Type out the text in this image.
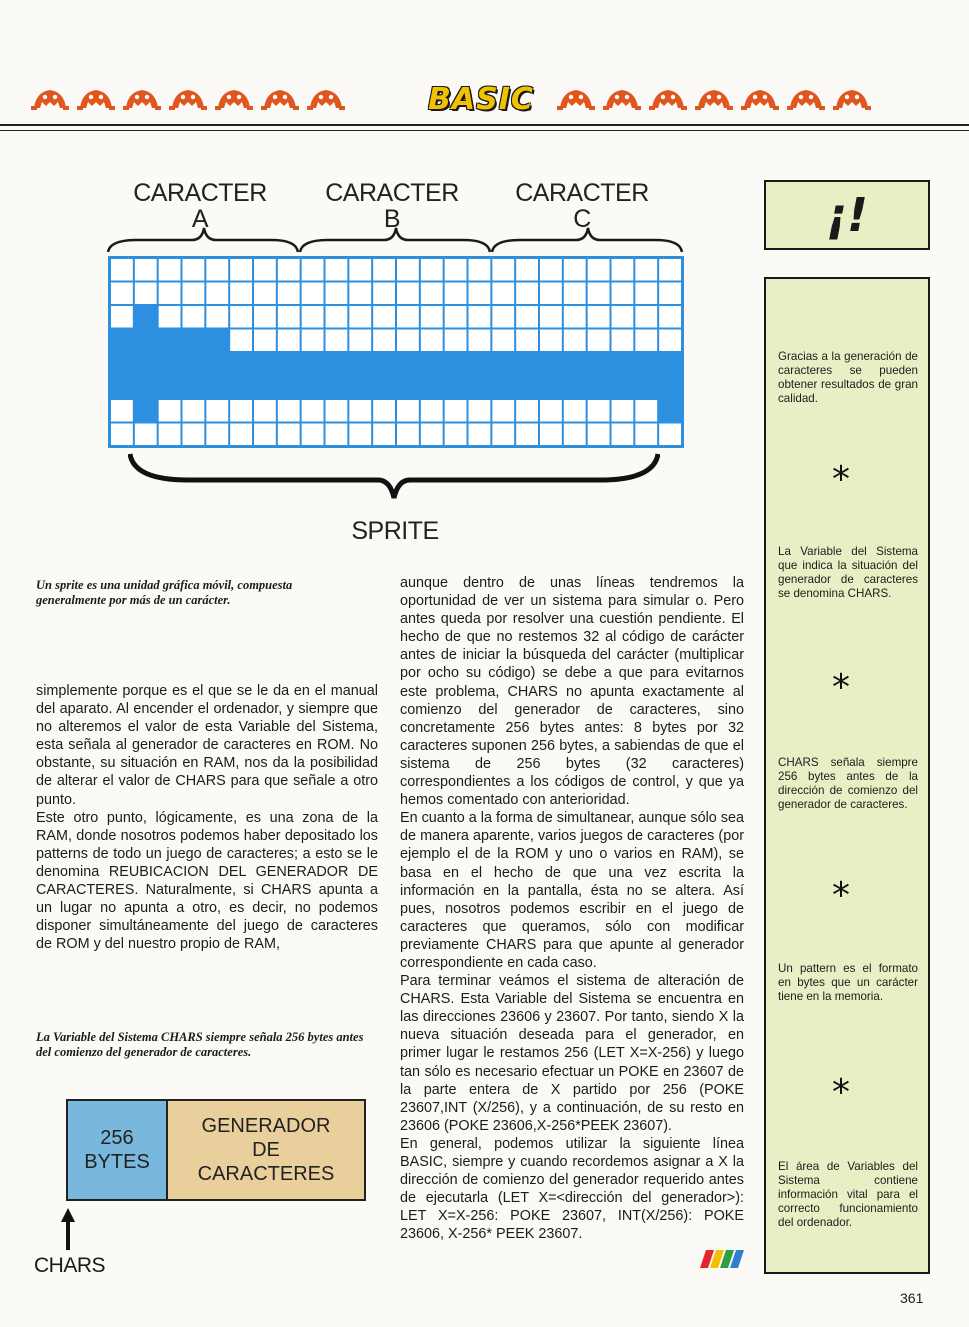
BASIC
CARACTER
A
CARACTER
B
CARACTER
C
SPRITE
Un sprite es una unidad gráfica móvil, compuesta generalmente por más de un carácter.

simplemente porque es el que se le da en el manual del aparato. Al encender el ordenador, y siempre que no alteremos el valor de esta Variable del Sistema, esta señala al generador de caracteres en ROM. No obstante, su situación en RAM, nos da la posibilidad de alterar el valor de CHARS para que señale a otro punto.

Este otro punto, lógicamente, es una zona de la RAM, donde nosotros podemos haber depositado los patterns de todo un juego de caracteres; a esto se le denomina REUBICACION DEL GENERADOR DE CARACTERES. Naturalmente, si CHARS apunta a un lugar no apunta a otro, es decir, no podemos disponer simultáneamente del juego de caracteres de ROM y del nuestro propio de RAM,

La Variable del Sistema CHARS siempre señala 256 bytes antes del comienzo del generador de caracteres.
256
BYTES
GENERADOR
DE
CARACTERES
CHARS

aunque dentro de unas líneas tendremos la oportunidad de ver un sistema para simular o. Pero antes queda por resolver una cuestión pendiente. El hecho de que no restemos 32 al código de carácter antes de iniciar la búsqueda del carácter (multiplicar por ocho su código) se debe a que para evitarnos este problema, CHARS no apunta exactamente al comienzo del generador de caracteres, sino concretamente 256 bytes antes: 8 bytes por 32 caracteres suponen 256 bytes, a sabiendas de que el sistema de 256 bytes (32 caracteres) correspondientes a los códigos de control, y que ya hemos comentado con anterioridad.

En cuanto a la forma de simultanear, aunque sólo sea de manera aparente, varios juegos de caracteres (por ejemplo el de la ROM y uno o varios en RAM), se basa en el hecho de que una vez escrita la información en la pantalla, ésta no se altera. Así pues, nosotros podemos escribir en el juego de caracteres que queramos, sólo con modificar previamente CHARS para que apunte al generador correspondiente en cada caso.

Para terminar veámos el sistema de alteración de CHARS. Esta Variable del Sistema se encuentra en las direcciones 23606 y 23607. Por tanto, siendo X la nueva situación deseada para el generador, en primer lugar le restamos 256 (LET X=X-256) y luego tan sólo es necesario efectuar un POKE en 23607 de la parte entera de X partido por 256 (POKE 23607,INT (X/256), y a continuación, de su resto en 23606 (POKE 23606,X-256*PEEK 23607).

En general, podemos utilizar la siguiente línea BASIC, siempre y cuando recordemos asignar a X la dirección de comienzo del generador requerido antes de ejecutarla (LET X=<dirección del generador>): LET X=X-256: POKE 23607, INT(X/256): POKE 23606, X-256* PEEK 23607.

¡!
Gracias a la generación de caracteres se pueden obtener resultados de gran calidad.
*
La Variable del Sistema que indica la situación del generador de caracteres se denomina CHARS.
*
CHARS señala siempre 256 bytes antes de la dirección de comienzo del generador de caracteres.
*
Un pattern es el formato en bytes que un carácter tiene en la memoria.
*
El área de Variables del Sistema contiene información vital para el correcto funcionamiento del ordenador.
361
